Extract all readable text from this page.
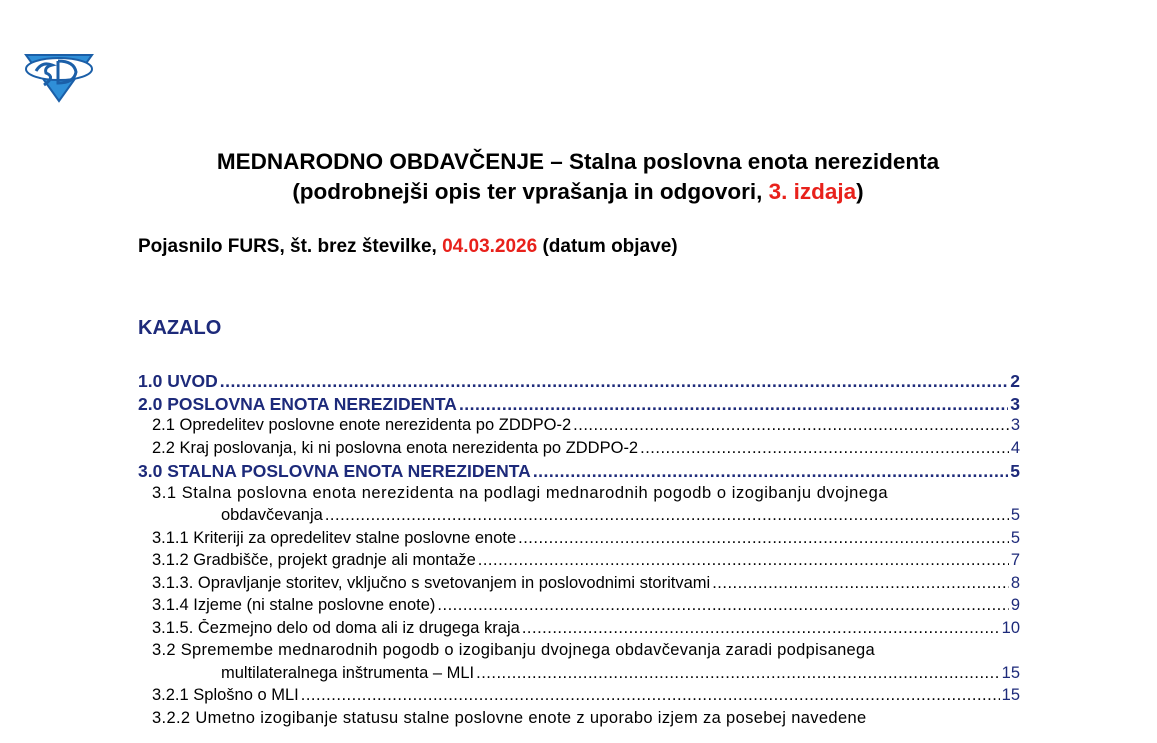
MEDNARODNO OBDAVČENJE – Stalna poslovna enota nerezidenta
(podrobnejši opis ter vprašanja in odgovori, 3. izdaja)
Pojasnilo FURS, št. brez številke, 04.03.2026 (datum objave)
KAZALO
1.0 UVOD .....	2
2.0 POSLOVNA ENOTA NEREZIDENTA .....	3
2.1 Opredelitev poslovne enote nerezidenta po ZDDPO-2 .....	3
2.2 Kraj poslovanja, ki ni poslovna enota nerezidenta po ZDDPO-2 .....	4
3.0 STALNA POSLOVNA ENOTA NEREZIDENTA .....	5
3.1 Stalna poslovna enota nerezidenta na podlagi mednarodnih pogodb o izogibanju dvojnega
obdavčevanja .....	5
3.1.1 Kriteriji za opredelitev stalne poslovne enote .....	5
3.1.2 Gradbišče, projekt gradnje ali montaže .....	7
3.1.3. Opravljanje storitev, vključno s svetovanjem in poslovodnimi storitvami .....	8
3.1.4 Izjeme (ni stalne poslovne enote) .....	9
3.1.5. Čezmejno delo od doma ali iz drugega kraja .....	10
3.2 Spremembe mednarodnih pogodb o izogibanju dvojnega obdavčevanja zaradi podpisanega
multilateralnega inštrumenta – MLI .....	15
3.2.1 Splošno o MLI .....	15
3.2.2 Umetno izogibanje statusu stalne poslovne enote z uporabo izjem za posebej navedene
